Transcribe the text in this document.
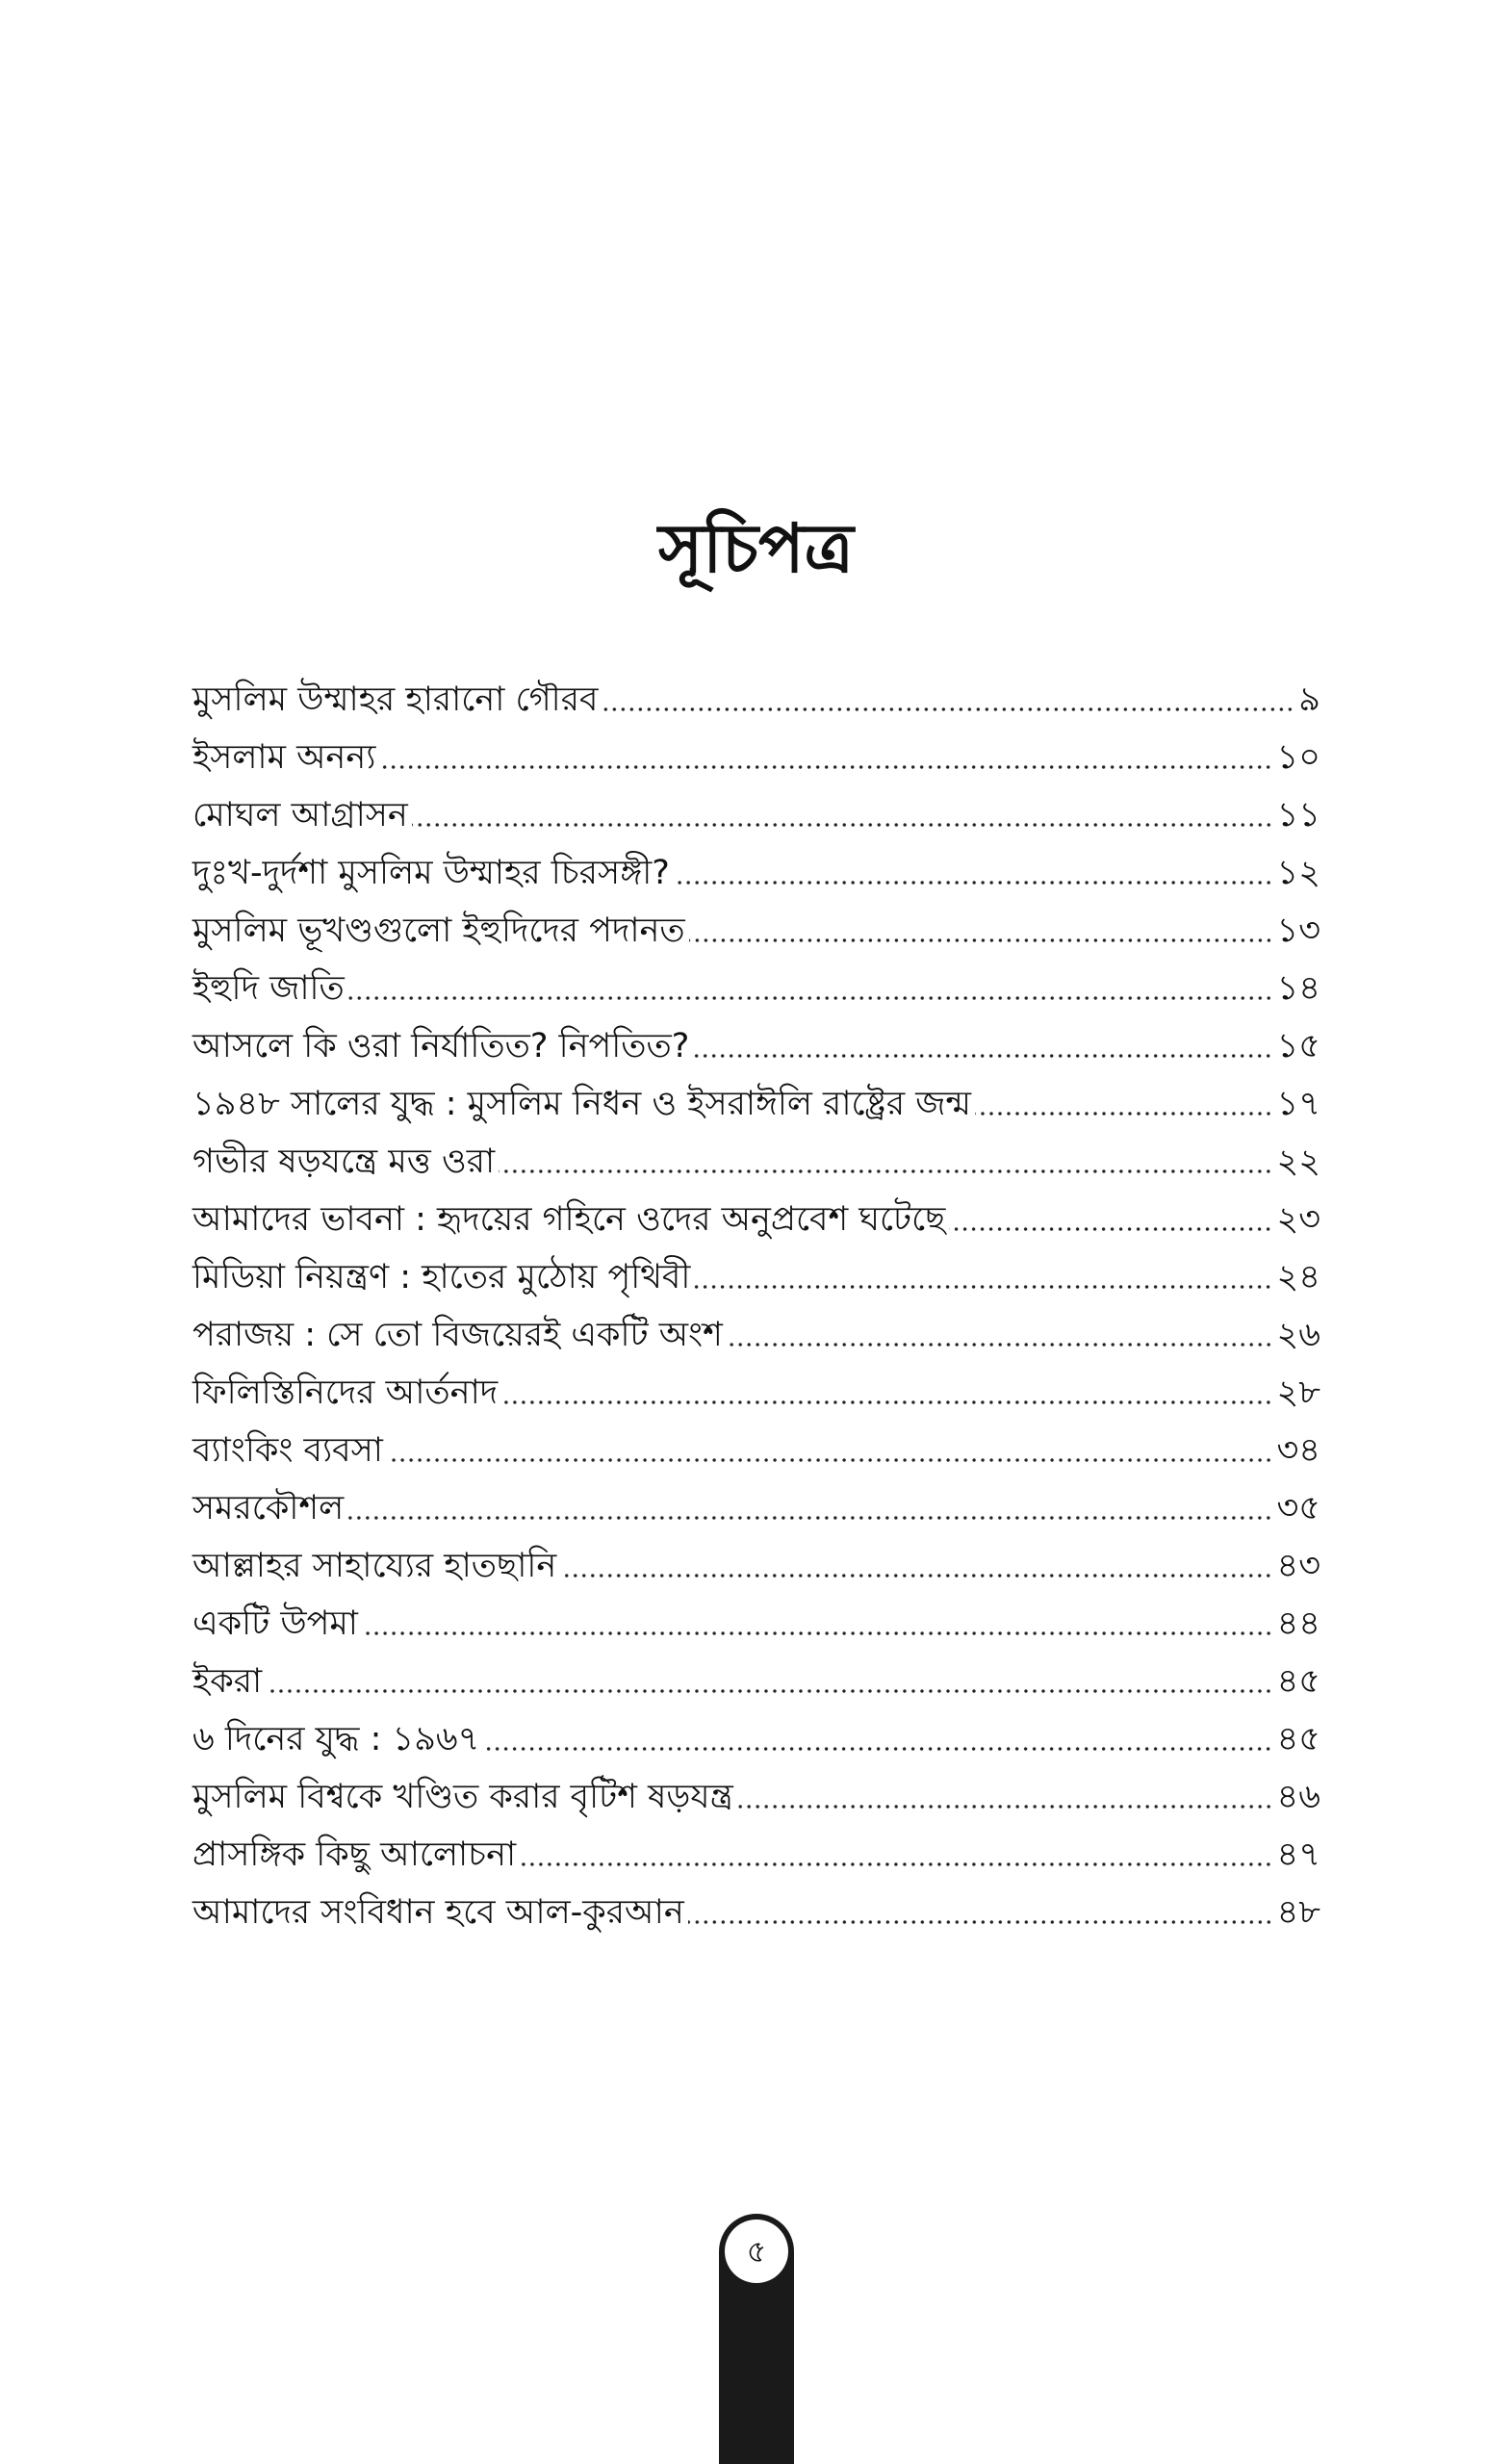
সূচিপত্র
মুসলিম উম্মাহর হারানো গৌরব	৯
ইসলাম অনন্য	১০
মোঘল আগ্রাসন	১১
দুঃখ-দুর্দশা মুসলিম উম্মাহর চিরসঙ্গী?	১২
মুসলিম ভূখণ্ডগুলো ইহুদিদের পদানত	১৩
ইহুদি জাতি	১৪
আসলে কি ওরা নির্যাতিত? নিপতিত?	১৫
১৯৪৮ সালের যুদ্ধ : মুসলিম নিধন ও ইসরাঈলি রাষ্ট্রের জন্ম	১৭
গভীর ষড়যন্ত্রে মত্ত ওরা	২২
আমাদের ভাবনা : হৃদয়ের গহিনে ওদের অনুপ্রবেশ ঘটেছে	২৩
মিডিয়া নিয়ন্ত্রণ : হাতের মুঠোয় পৃথিবী	২৪
পরাজয় : সে তো বিজয়েরই একটি অংশ	২৬
ফিলিস্তিনিদের আর্তনাদ	২৮
ব্যাংকিং ব্যবসা	৩৪
সমরকৌশল	৩৫
আল্লাহর সাহায্যের হাতছানি	৪৩
একটি উপমা	৪৪
ইকরা	৪৫
৬ দিনের যুদ্ধ : ১৯৬৭	৪৫
মুসলিম বিশ্বকে খণ্ডিত করার বৃটিশ ষড়যন্ত্র	৪৬
প্রাসঙ্গিক কিছু আলোচনা	৪৭
আমাদের সংবিধান হবে আল-কুরআন	৪৮
৫
